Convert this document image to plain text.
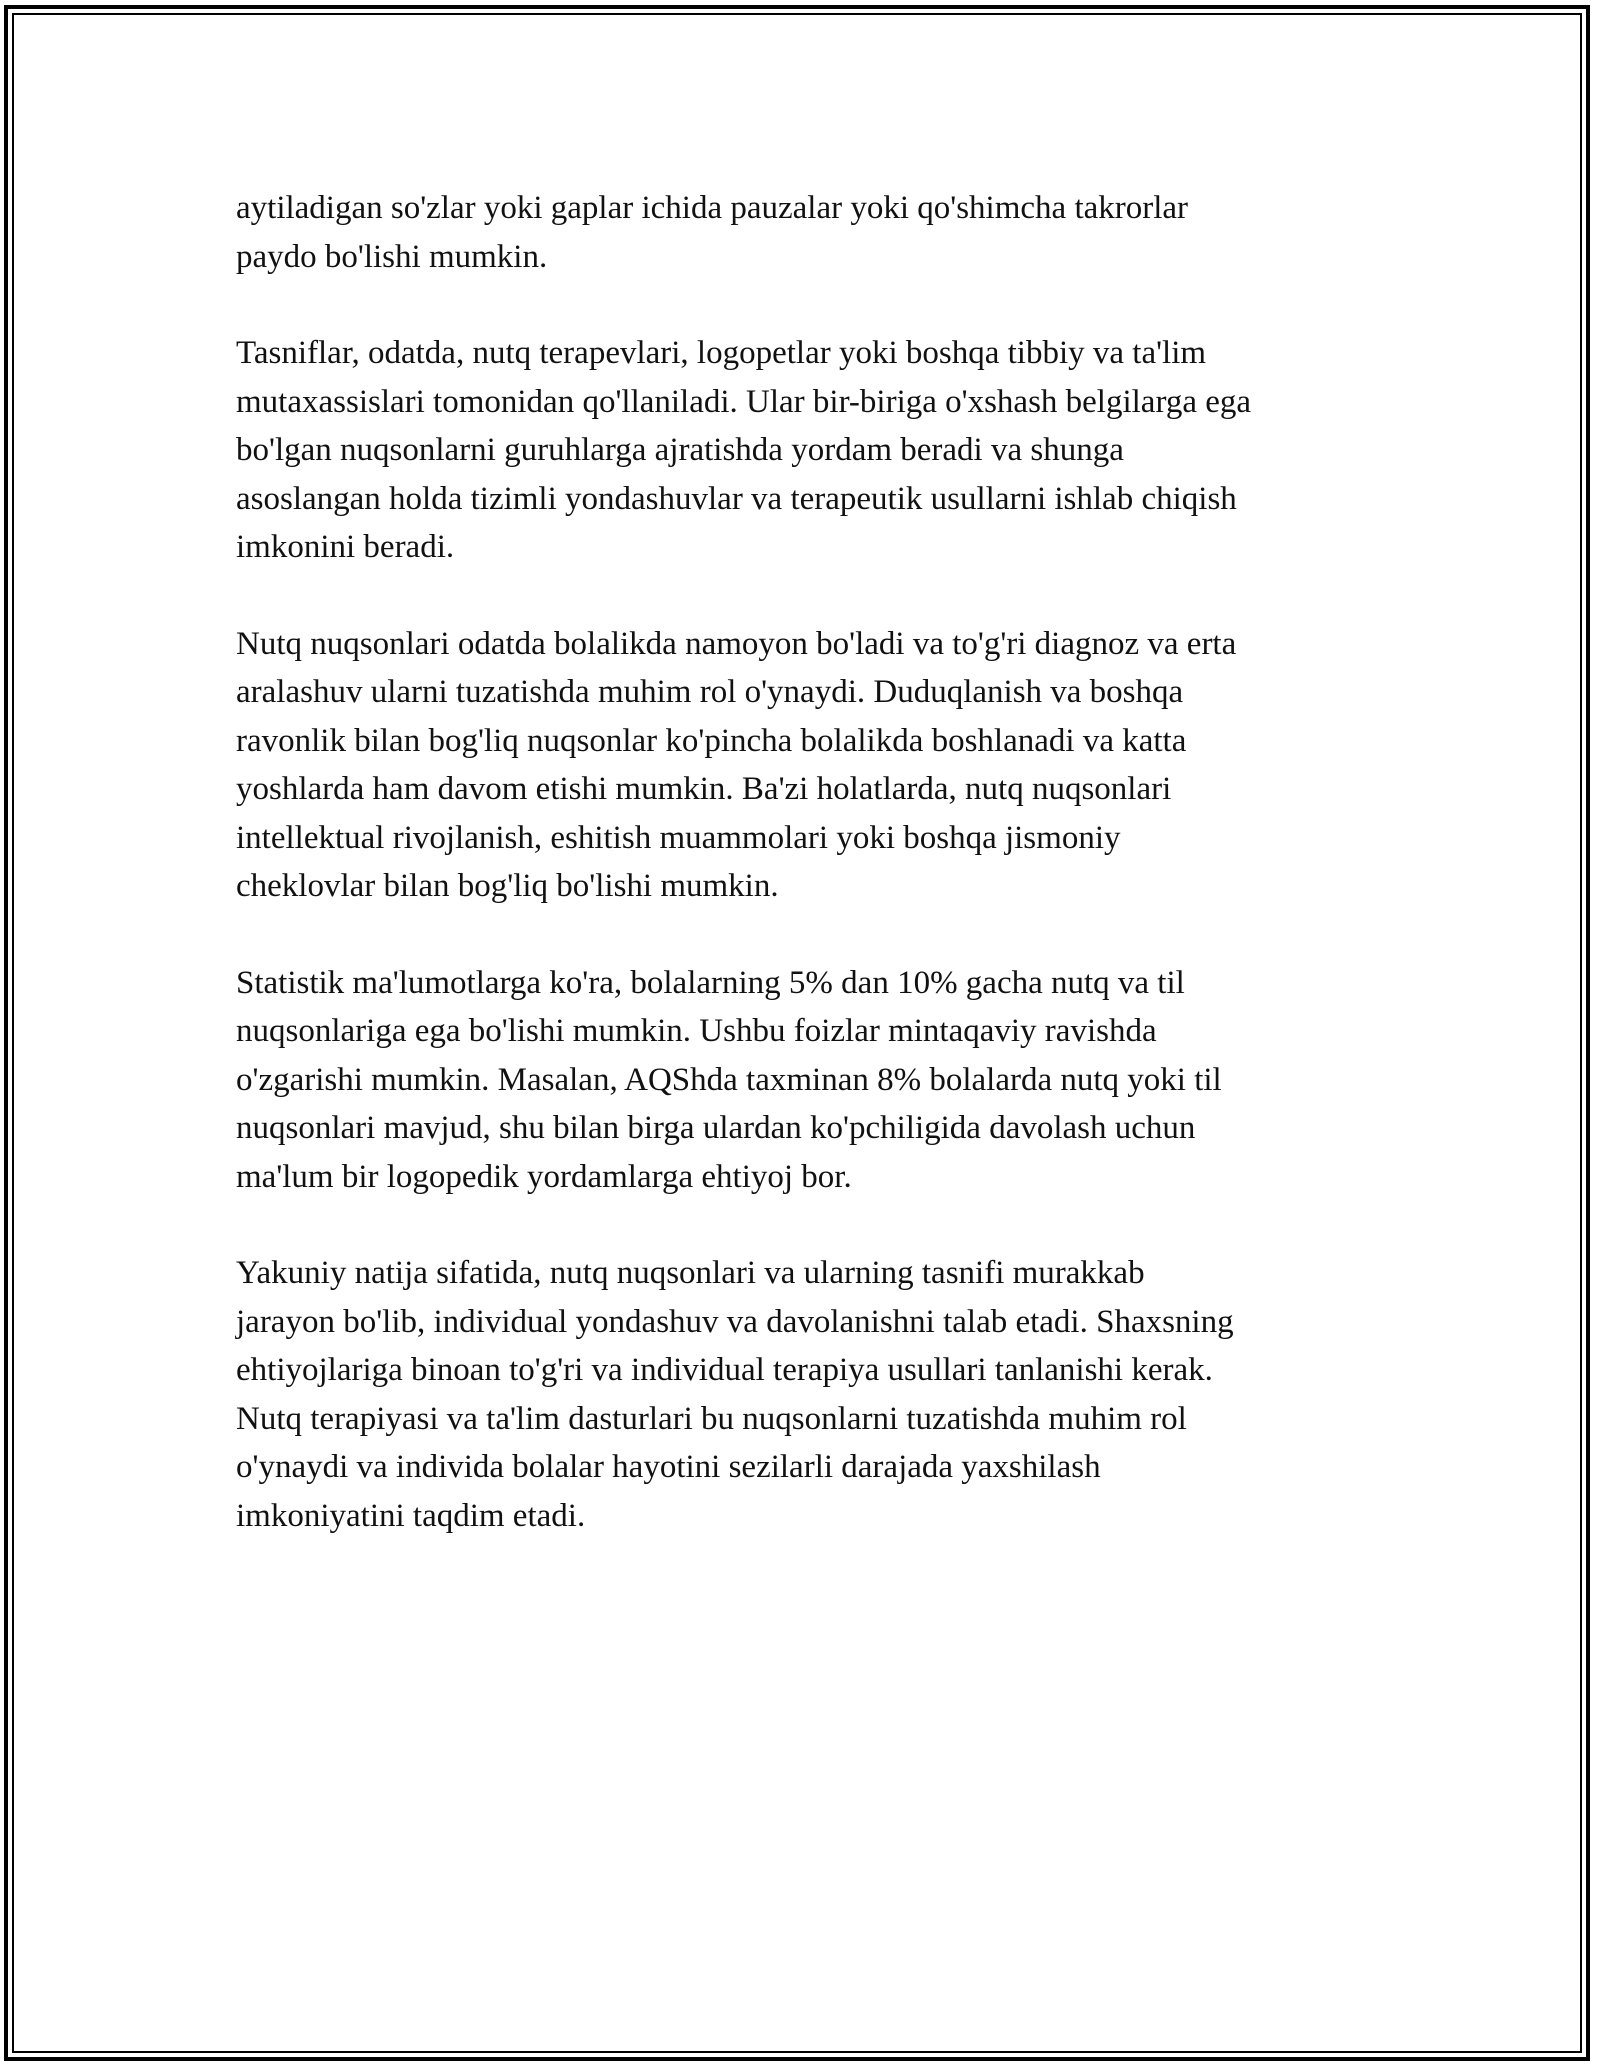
aytiladigan so'zlar yoki gaplar ichida pauzalar yoki qo'shimcha takrorlar
paydo bo'lishi mumkin.

Tasniflar, odatda, nutq terapevlari, logopetlar yoki boshqa tibbiy va ta'lim
mutaxassislari tomonidan qo'llaniladi. Ular bir-biriga o'xshash belgilarga ega
bo'lgan nuqsonlarni guruhlarga ajratishda yordam beradi va shunga
asoslangan holda tizimli yondashuvlar va terapeutik usullarni ishlab chiqish
imkonini beradi.

Nutq nuqsonlari odatda bolalikda namoyon bo'ladi va to'g'ri diagnoz va erta
aralashuv ularni tuzatishda muhim rol o'ynaydi. Duduqlanish va boshqa
ravonlik bilan bog'liq nuqsonlar ko'pincha bolalikda boshlanadi va katta
yoshlarda ham davom etishi mumkin. Ba'zi holatlarda, nutq nuqsonlari
intellektual rivojlanish, eshitish muammolari yoki boshqa jismoniy
cheklovlar bilan bog'liq bo'lishi mumkin.

Statistik ma'lumotlarga ko'ra, bolalarning 5% dan 10% gacha nutq va til
nuqsonlariga ega bo'lishi mumkin. Ushbu foizlar mintaqaviy ravishda
o'zgarishi mumkin. Masalan, AQShda taxminan 8% bolalarda nutq yoki til
nuqsonlari mavjud, shu bilan birga ulardan ko'pchiligida davolash uchun
ma'lum bir logopedik yordamlarga ehtiyoj bor.

Yakuniy natija sifatida, nutq nuqsonlari va ularning tasnifi murakkab
jarayon bo'lib, individual yondashuv va davolanishni talab etadi. Shaxsning
ehtiyojlariga binoan to'g'ri va individual terapiya usullari tanlanishi kerak.
Nutq terapiyasi va ta'lim dasturlari bu nuqsonlarni tuzatishda muhim rol
o'ynaydi va individa bolalar hayotini sezilarli darajada yaxshilash
imkoniyatini taqdim etadi.
